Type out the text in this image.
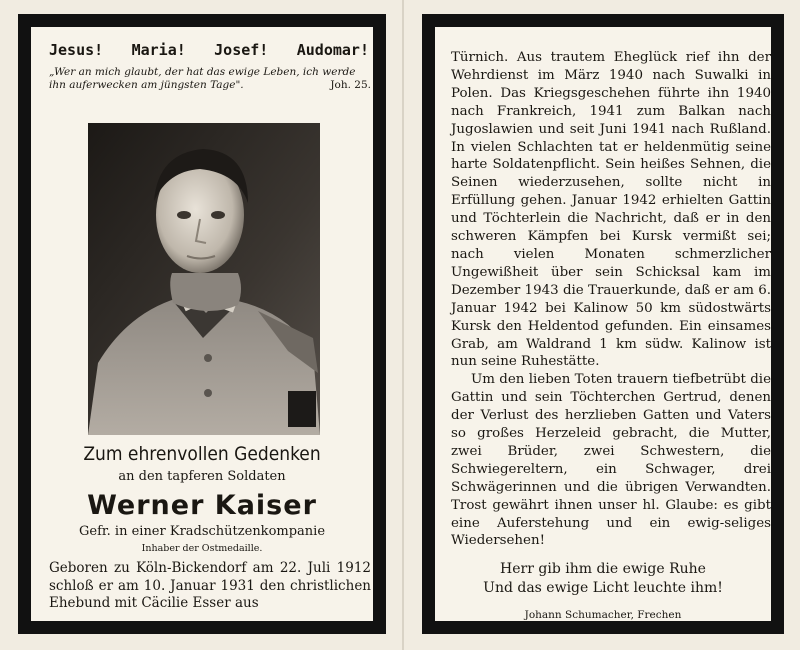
Jesus! Maria! Josef! Audomar!
„Wer an mich glaubt, der hat das ewige Leben, ich werde ihn auferwecken am jüngsten Tage".	Joh. 25.
Zum ehrenvollen Gedenken
an den tapferen Soldaten
Werner Kaiser
Gefr. in einer Kradschützenkompanie
Inhaber der Ostmedaille.
Geboren zu Köln-Bickendorf am 22. Juli 1912 schloß er am 10. Januar 1931 den christlichen Ehebund mit Cäcilie Esser aus

Türnich. Aus trautem Eheglück rief ihn der Wehrdienst im März 1940 nach Suwalki in Polen. Das Kriegsgeschehen führte ihn 1940 nach Frankreich, 1941 zum Balkan nach Jugoslawien und seit Juni 1941 nach Rußland. In vielen Schlachten tat er heldenmütig seine harte Soldatenpflicht. Sein heißes Sehnen, die Seinen wiederzusehen, sollte nicht in Erfüllung gehen. Januar 1942 erhielten Gattin und Töchterlein die Nachricht, daß er in den schweren Kämpfen bei Kursk vermißt sei; nach vielen Monaten schmerzlicher Ungewißheit über sein Schicksal kam im Dezember 1943 die Trauerkunde, daß er am 6. Januar 1942 bei Kalinow 50 km südostwärts Kursk den Heldentod gefunden. Ein einsames Grab, am Waldrand 1 km südw. Kalinow ist nun seine Ruhestätte.

Um den lieben Toten trauern tiefbetrübt die Gattin und sein Töchterchen Gertrud, denen der Verlust des herzlieben Gatten und Vaters so großes Herzeleid gebracht, die Mutter, zwei Brüder, zwei Schwestern, die Schwiegereltern, ein Schwager, drei Schwägerinnen und die übrigen Verwandten. Trost gewährt ihnen unser hl. Glaube: es gibt eine Auferstehung und ein ewig-seliges Wiedersehen!

Herr gib ihm die ewige Ruhe
Und das ewige Licht leuchte ihm!
Johann Schumacher, Frechen
